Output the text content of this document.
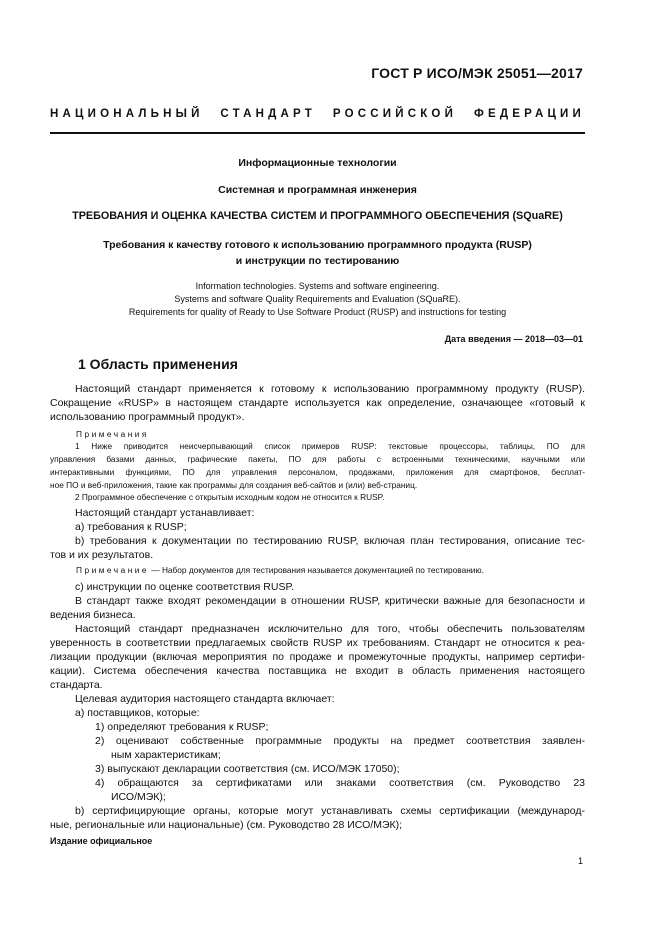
ГОСТ Р ИСО/МЭК 25051—2017
НАЦИОНАЛЬНЫЙ СТАНДАРТ РОССИЙСКОЙ ФЕДЕРАЦИИ
Информационные технологии
Системная и программная инженерия
ТРЕБОВАНИЯ И ОЦЕНКА КАЧЕСТВА СИСТЕМ И ПРОГРАММНОГО ОБЕСПЕЧЕНИЯ (SQuaRE)
Требования к качеству готового к использованию программного продукта (RUSP)
и инструкции по тестированию
Information technologies. Systems and software engineering.
Systems and software Quality Requirements and Evaluation (SQuaRE).
Requirements for quality of Ready to Use Software Product (RUSP) and instructions for testing
Дата введения — 2018—03—01
1 Область применения
Настоящий стандарт применяется к готовому к использованию программному продукту (RUSP).
Сокращение «RUSP» в настоящем стандарте используется как определение, означающее «готовый к
использованию программный продукт».
Примечания
1 Ниже приводится неисчерпывающий список примеров RUSP: текстовые процессоры, таблицы, ПО для
управления базами данных, графические пакеты, ПО для работы с встроенными техническими, научными или
интерактивными функциями, ПО для управления персоналом, продажами, приложения для смартфонов, бесплат-
ное ПО и веб-приложения, такие как программы для создания веб-сайтов и (или) веб-страниц.
2 Программное обеспечение с открытым исходным кодом не относится к RUSP.
Настоящий стандарт устанавливает:
а) требования к RUSP;
b) требования к документации по тестированию RUSP, включая план тестирования, описание тес-
тов и их результатов.
Примечание — Набор документов для тестирования называется документацией по тестированию.
с) инструкции по оценке соответствия RUSP.
В стандарт также входят рекомендации в отношении RUSP, критически важные для безопасности и
ведения бизнеса.
Настоящий стандарт предназначен исключительно для того, чтобы обеспечить пользователям
уверенность в соответствии предлагаемых свойств RUSP их требованиям. Стандарт не относится к реа-
лизации продукции (включая мероприятия по продаже и промежуточные продукты, например сертифи-
кации). Система обеспечения качества поставщика не входит в область применения настоящего
стандарта.
Целевая аудитория настоящего стандарта включает:
а) поставщиков, которые:
1) определяют требования к RUSP;
2) оценивают собственные программные продукты на предмет соответствия заявлен-
ным характеристикам;
3) выпускают декларации соответствия (см. ИСО/МЭК 17050);
4) обращаются за сертификатами или знаками соответствия (см. Руководство 23
ИСО/МЭК);
b) сертифицирующие органы, которые могут устанавливать схемы сертификации (международ-
ные, региональные или национальные) (см. Руководство 28 ИСО/МЭК);
Издание официальное
1
